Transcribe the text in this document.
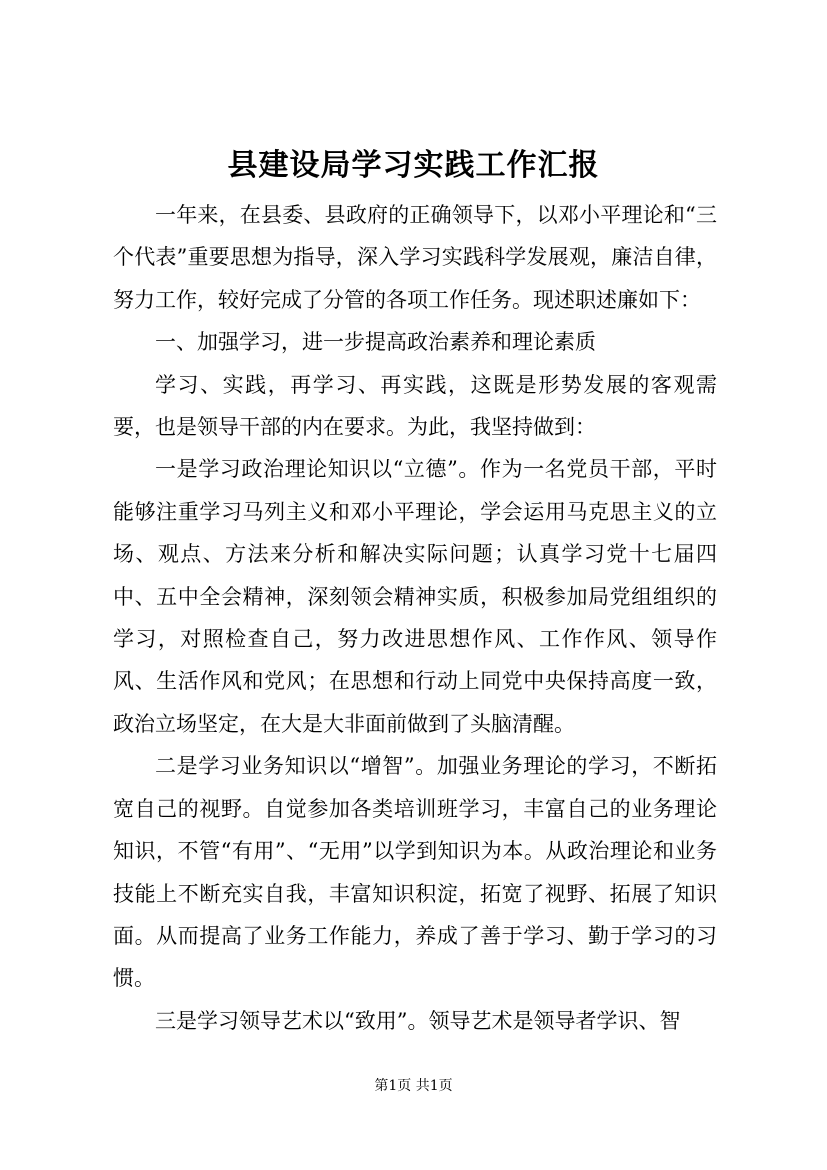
县建设局学习实践工作汇报

一年来，在县委、县政府的正确领导下，以邓小平理论和“三个代表”重要思想为指导，深入学习实践科学发展观，廉洁自律，努力工作，较好完成了分管的各项工作任务。现述职述廉如下：

一、加强学习，进一步提高政治素养和理论素质

学习、实践，再学习、再实践，这既是形势发展的客观需要，也是领导干部的内在要求。为此，我坚持做到：

一是学习政治理论知识以“立德”。作为一名党员干部，平时能够注重学习马列主义和邓小平理论，学会运用马克思主义的立场、观点、方法来分析和解决实际问题；认真学习党十七届四中、五中全会精神，深刻领会精神实质，积极参加局党组组织的学习，对照检查自己，努力改进思想作风、工作作风、领导作风、生活作风和党风；在思想和行动上同党中央保持高度一致，政治立场坚定，在大是大非面前做到了头脑清醒。

二是学习业务知识以“增智”。加强业务理论的学习，不断拓宽自己的视野。自觉参加各类培训班学习，丰富自己的业务理论知识，不管“有用”、“无用”以学到知识为本。从政治理论和业务技能上不断充实自我，丰富知识积淀，拓宽了视野、拓展了知识面。从而提高了业务工作能力，养成了善于学习、勤于学习的习惯。

三是学习领导艺术以“致用”。领导艺术是领导者学识、智

第1页 共1页
